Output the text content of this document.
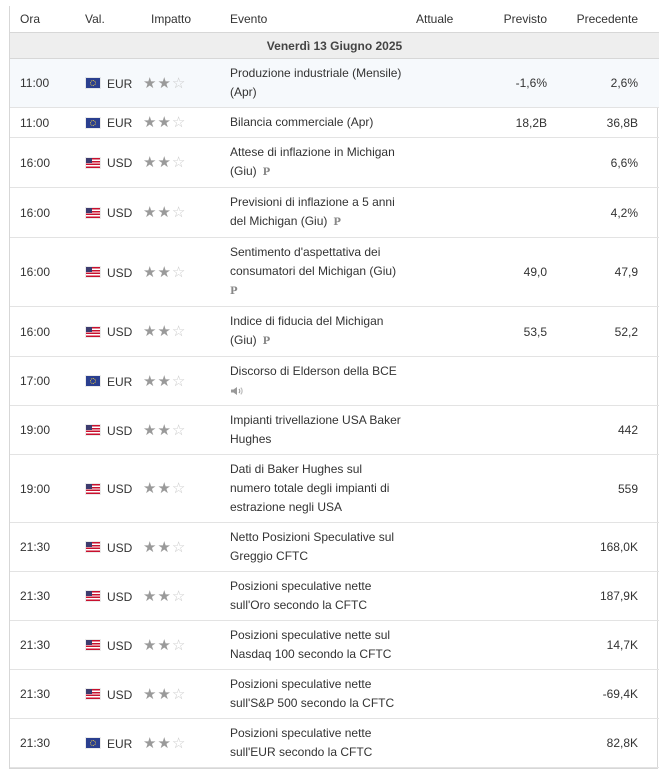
Ora	Val.	Impatto	Evento	Attuale	Previsto	Precedente
Venerdì 13 Giugno 2025						
11:00	EUR	★★☆	Produzione industriale (Mensile)
(Apr)		-1,6%	2,6%
11:00	EUR	★★☆	Bilancia commerciale (Apr)		18,2B	36,8B
16:00	USD	★★☆	Attese di inflazione in Michigan
(Giu) P			6,6%
16:00	USD	★★☆	Previsioni di inflazione a 5 anni
del Michigan (Giu) P			4,2%
16:00	USD	★★☆	Sentimento d'aspettativa dei
consumatori del Michigan (Giu)
P		49,0	47,9
16:00	USD	★★☆	Indice di fiducia del Michigan
(Giu) P		53,5	52,2
17:00	EUR	★★☆	Discorso di Elderson della BCE			

19:00	USD	★★☆	Impianti trivellazione USA Baker
Hughes			442
19:00	USD	★★☆	Dati di Baker Hughes sul
numero totale degli impianti di
estrazione negli USA			559
21:30	USD	★★☆	Netto Posizioni Speculative sul
Greggio CFTC			168,0K
21:30	USD	★★☆	Posizioni speculative nette
sull'Oro secondo la CFTC			187,9K
21:30	USD	★★☆	Posizioni speculative nette sul
Nasdaq 100 secondo la CFTC			14,7K
21:30	USD	★★☆	Posizioni speculative nette
sull'S&P 500 secondo la CFTC			-69,4K
21:30	EUR	★★☆	Posizioni speculative nette
sull'EUR secondo la CFTC			82,8K
